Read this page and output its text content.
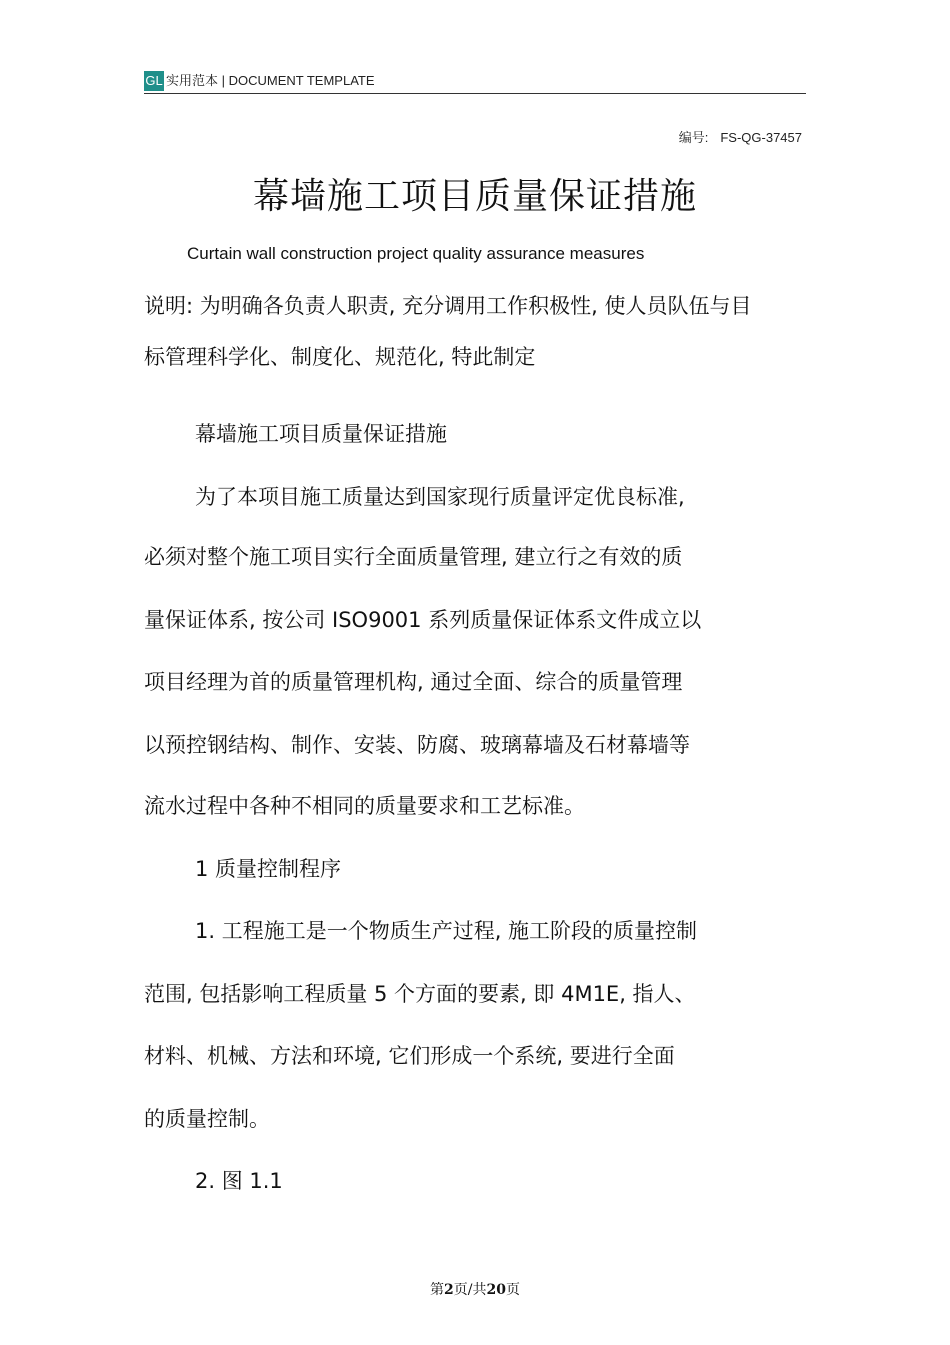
GL 实用范本 | DOCUMENT TEMPLATE
编号: FS-QG-37457
幕墙施工项目质量保证措施
Curtain wall construction project quality assurance measures
说明: 为明确各负责人职责, 充分调用工作积极性, 使人员队伍与目
标管理科学化、制度化、规范化, 特此制定
幕墙施工项目质量保证措施
为了本项目施工质量达到国家现行质量评定优良标准,
必须对整个施工项目实行全面质量管理, 建立行之有效的质
量保证体系, 按公司 ISO9001 系列质量保证体系文件成立以
项目经理为首的质量管理机构, 通过全面、综合的质量管理
以预控钢结构、制作、安装、防腐、玻璃幕墙及石材幕墙等
流水过程中各种不相同的质量要求和工艺标准。
1 质量控制程序
1. 工程施工是一个物质生产过程, 施工阶段的质量控制
范围, 包括影响工程质量 5 个方面的要素, 即 4M1E, 指人、
材料、机械、方法和环境, 它们形成一个系统, 要进行全面
的质量控制。
2. 图 1.1
第2页/共20页
